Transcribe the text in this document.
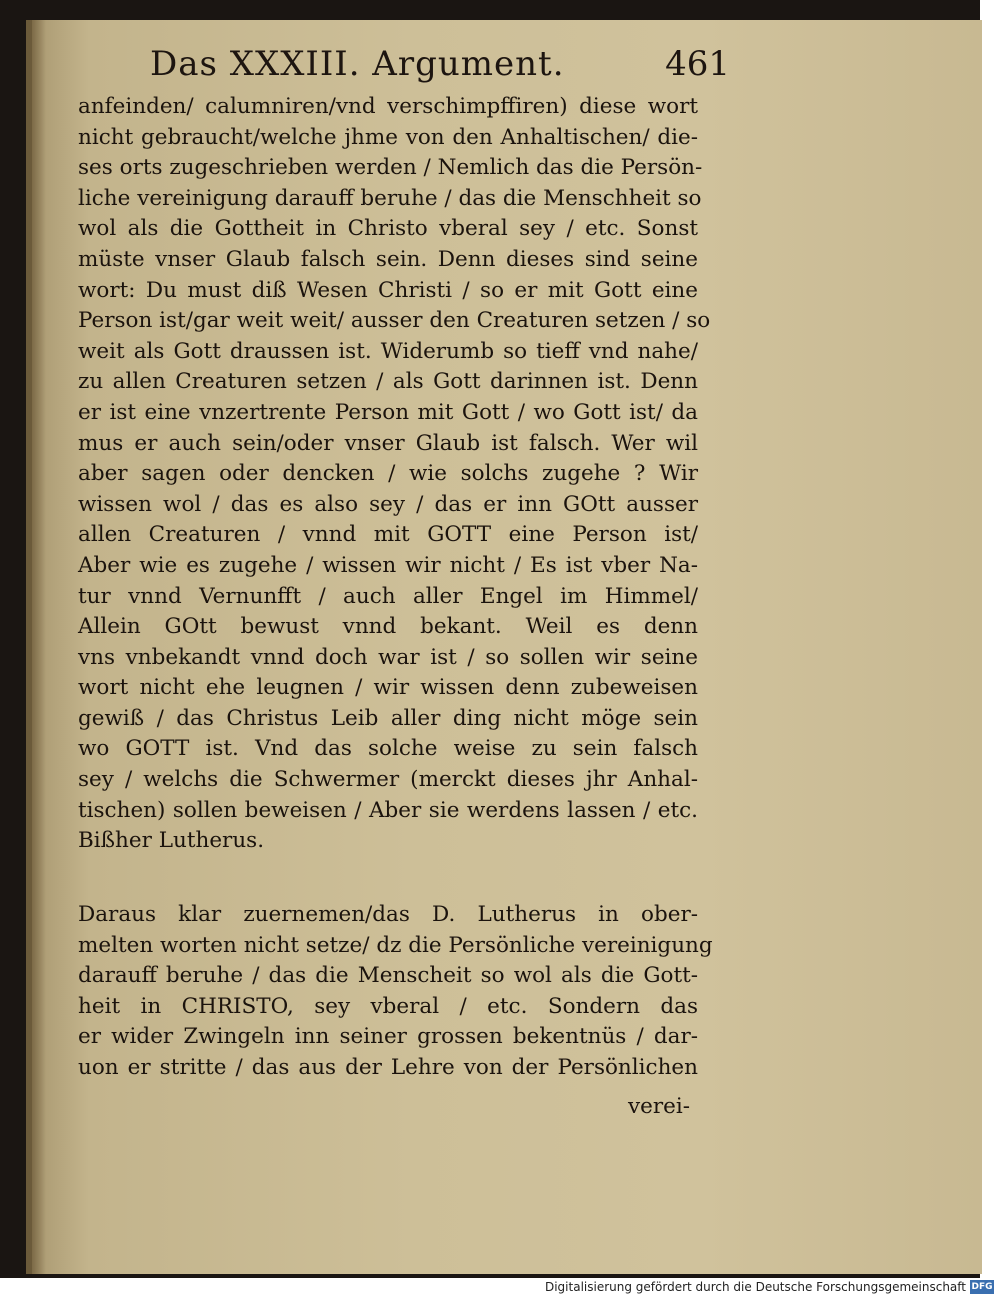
Das XXXIII. Argument.	461
anfeinden/ calumniren/vnd verschimpffiren) diese wort
nicht gebraucht/welche jhme von den Anhaltischen/ die-
ses orts zugeschrieben werden / Nemlich das die Persön-
liche vereinigung darauff beruhe / das die Menschheit so
wol als die Gottheit in Christo vberal sey / etc. Sonst
müste vnser Glaub falsch sein. Denn dieses sind seine
wort: Du must diß Wesen Christi / so er mit Gott eine
Person ist/gar weit weit/ ausser den Creaturen setzen / so
weit als Gott draussen ist. Widerumb so tieff vnd nahe/
zu allen Creaturen setzen / als Gott darinnen ist. Denn
er ist eine vnzertrente Person mit Gott / wo Gott ist/ da
mus er auch sein/oder vnser Glaub ist falsch. Wer wil
aber sagen oder dencken / wie solchs zugehe ? Wir
wissen wol / das es also sey / das er inn GOtt ausser
allen Creaturen / vnnd mit GOTT eine Person ist/
Aber wie es zugehe / wissen wir nicht / Es ist vber Na-
tur vnnd Vernunfft / auch aller Engel im Himmel/
Allein GOtt bewust vnnd bekant. Weil es denn
vns vnbekandt vnnd doch war ist / so sollen wir seine
wort nicht ehe leugnen / wir wissen denn zubeweisen
gewiß / das Christus Leib aller ding nicht möge sein
wo GOTT ist. Vnd das solche weise zu sein falsch
sey / welchs die Schwermer (merckt dieses jhr Anhal-
tischen) sollen beweisen / Aber sie werdens lassen / etc.
Bißher Lutherus.
Daraus klar zuernemen/das D. Lutherus in ober-
melten worten nicht setze/ dz die Persönliche vereinigung
darauff beruhe / das die Menscheit so wol als die Gott-
heit in CHRISTO, sey vberal / etc. Sondern das
er wider Zwingeln inn seiner grossen bekentnüs / dar-
uon er stritte / das aus der Lehre von der Persönlichen
verei-
Digitalisierung gefördert durch die Deutsche Forschungsgemeinschaft DFG
